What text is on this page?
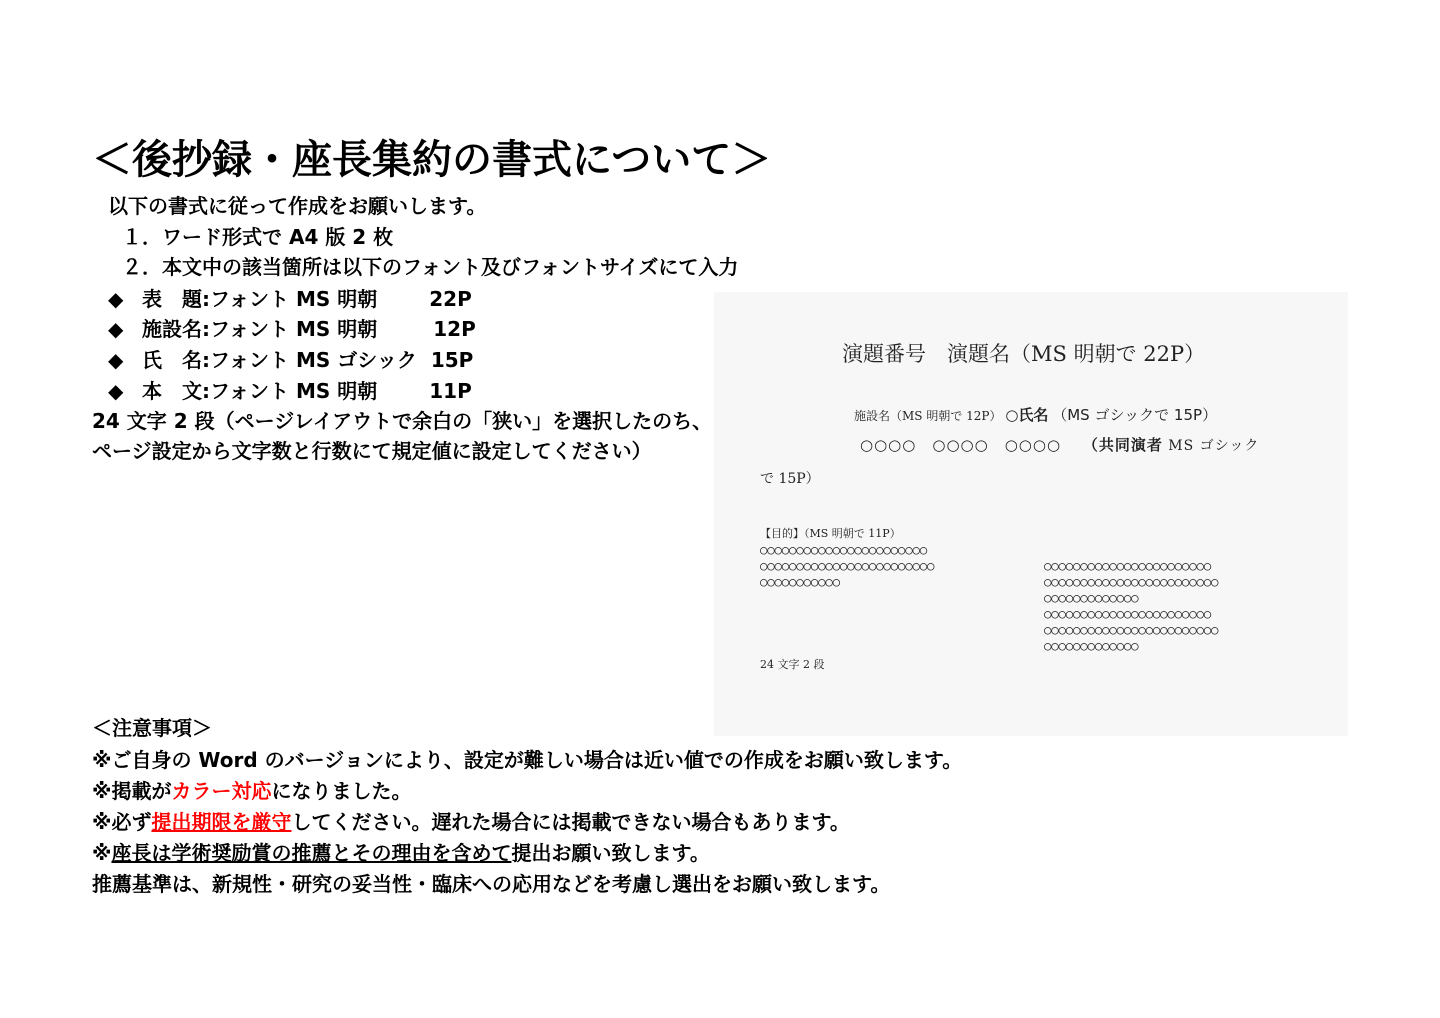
＜後抄録・座長集約の書式について＞
以下の書式に従って作成をお願いします。
１．ワード形式で A4 版 2 枚
２．本文中の該当箇所は以下のフォント及びフォントサイズにて入力
◆ 表　題:フォント MS 明朝	22P
◆ 施設名:フォント MS 明朝	12P
◆ 氏　名:フォント MS ゴシック 15P
◆ 本　文:フォント MS 明朝	11P
24 文字 2 段（ページレイアウトで余白の「狭い」を選択したのち、
ページ設定から文字数と行数にて規定値に設定してください）
演題番号　演題名（MS 明朝で 22P）
施設名（MS 明朝で 12P） ○氏名 （MS ゴシックで 15P）
○○○○　○○○○　○○○○　 （共同演者 MS ゴシック
で 15P）
【目的】（MS 明朝で 11P）
○○○○○○○○○○○○○○○○○○○○○○○
○○○○○○○○○○○○○○○○○○○○○○○○
○○○○○○○○○○○
○○○○○○○○○○○○○○○○○○○○○○○
○○○○○○○○○○○○○○○○○○○○○○○○
○○○○○○○○○○○○○
○○○○○○○○○○○○○○○○○○○○○○○
○○○○○○○○○○○○○○○○○○○○○○○○
○○○○○○○○○○○○○
24 文字 2 段
＜注意事項＞
※ご自身の Word のバージョンにより、設定が難しい場合は近い値での作成をお願い致します。
※掲載がカラー対応になりました。
※必ず提出期限を厳守してください。遅れた場合には掲載できない場合もあります。
※座長は学術奨励賞の推薦とその理由を含めて提出お願い致します。
推薦基準は、新規性・研究の妥当性・臨床への応用などを考慮し選出をお願い致します。
